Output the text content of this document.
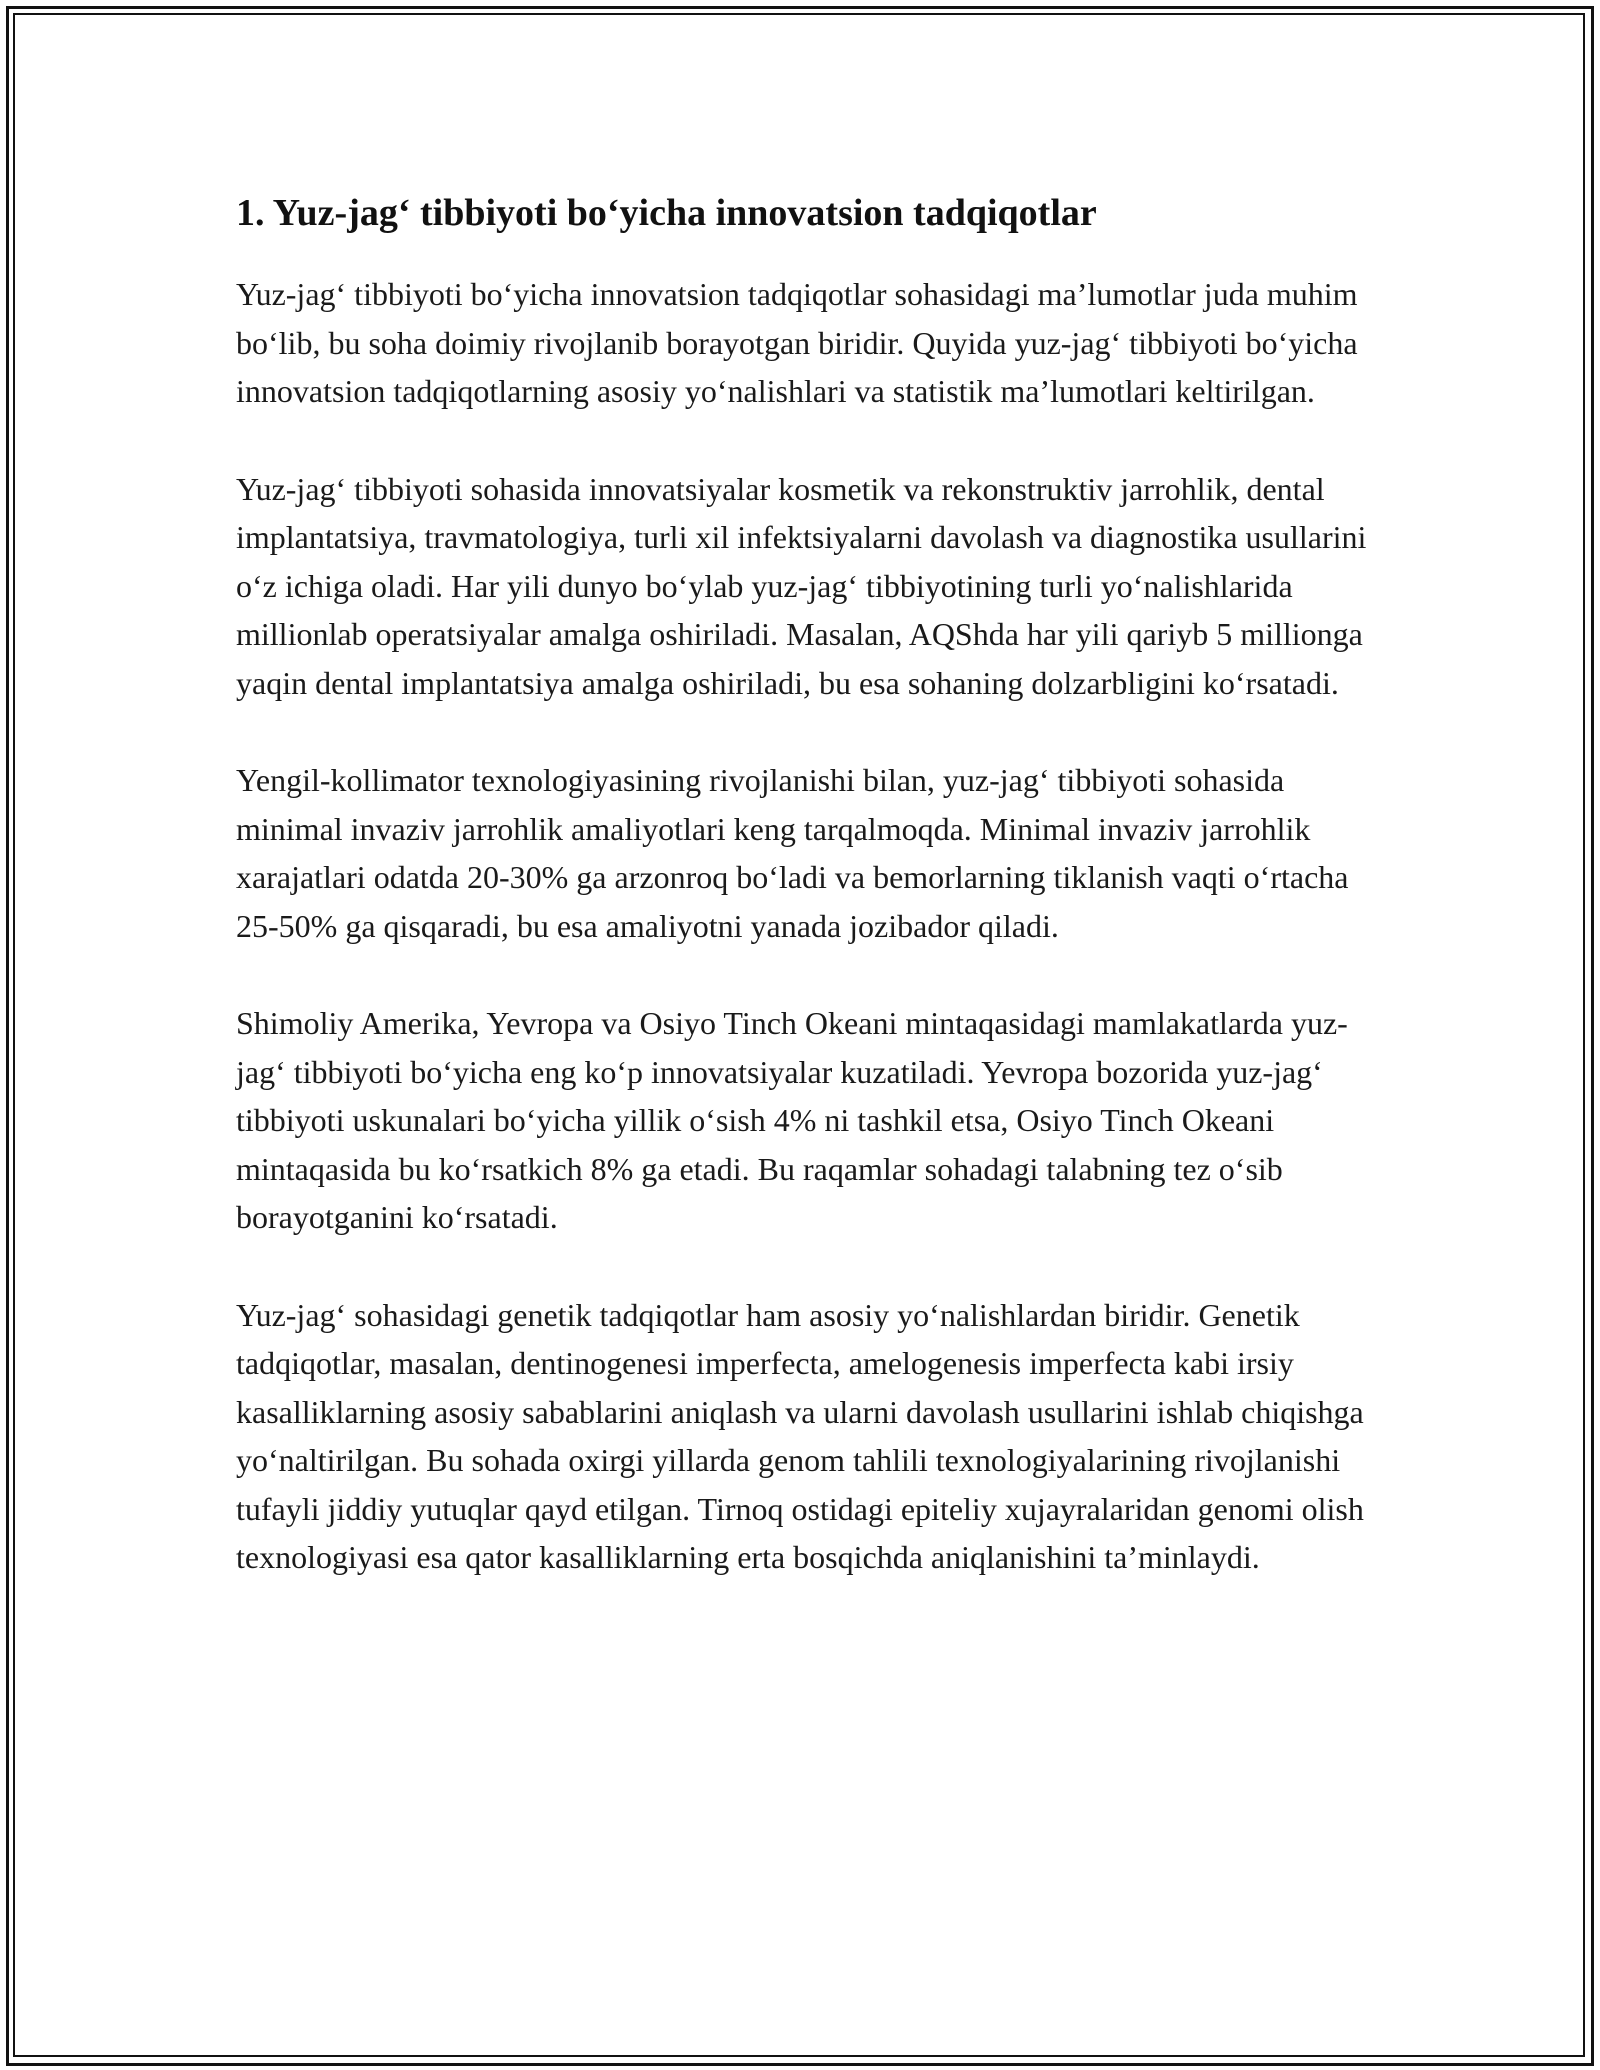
1. Yuz-jag‘ tibbiyoti bo‘yicha innovatsion tadqiqotlar

Yuz-jag‘ tibbiyoti bo‘yicha innovatsion tadqiqotlar sohasidagi ma’lumotlar juda muhim bo‘lib, bu soha doimiy rivojlanib borayotgan biridir. Quyida yuz-jag‘ tibbiyoti bo‘yicha innovatsion tadqiqotlarning asosiy yo‘nalishlari va statistik ma’lumotlari keltirilgan.

Yuz-jag‘ tibbiyoti sohasida innovatsiyalar kosmetik va rekonstruktiv jarrohlik, dental implantatsiya, travmatologiya, turli xil infektsiyalarni davolash va diagnostika usullarini o‘z ichiga oladi. Har yili dunyo bo‘ylab yuz-jag‘ tibbiyotining turli yo‘nalishlarida millionlab operatsiyalar amalga oshiriladi. Masalan, AQShda har yili qariyb 5 millionga yaqin dental implantatsiya amalga oshiriladi, bu esa sohaning dolzarbligini ko‘rsatadi.

Yengil-kollimator texnologiyasining rivojlanishi bilan, yuz-jag‘ tibbiyoti sohasida minimal invaziv jarrohlik amaliyotlari keng tarqalmoqda. Minimal invaziv jarrohlik xarajatlari odatda 20-30% ga arzonroq bo‘ladi va bemorlarning tiklanish vaqti o‘rtacha 25-50% ga qisqaradi, bu esa amaliyotni yanada jozibador qiladi.

Shimoliy Amerika, Yevropa va Osiyo Tinch Okeani mintaqasidagi mamlakatlarda yuz-jag‘ tibbiyoti bo‘yicha eng ko‘p innovatsiyalar kuzatiladi. Yevropa bozorida yuz-jag‘ tibbiyoti uskunalari bo‘yicha yillik o‘sish 4% ni tashkil etsa, Osiyo Tinch Okeani mintaqasida bu ko‘rsatkich 8% ga etadi. Bu raqamlar sohadagi talabning tez o‘sib borayotganini ko‘rsatadi.

Yuz-jag‘ sohasidagi genetik tadqiqotlar ham asosiy yo‘nalishlardan biridir. Genetik tadqiqotlar, masalan, dentinogenesi imperfecta, amelogenesis imperfecta kabi irsiy kasalliklarning asosiy sabablarini aniqlash va ularni davolash usullarini ishlab chiqishga yo‘naltirilgan. Bu sohada oxirgi yillarda genom tahlili texnologiyalarining rivojlanishi tufayli jiddiy yutuqlar qayd etilgan. Tirnoq ostidagi epiteliy xujayralaridan genomi olish texnologiyasi esa qator kasalliklarning erta bosqichda aniqlanishini ta’minlaydi.
